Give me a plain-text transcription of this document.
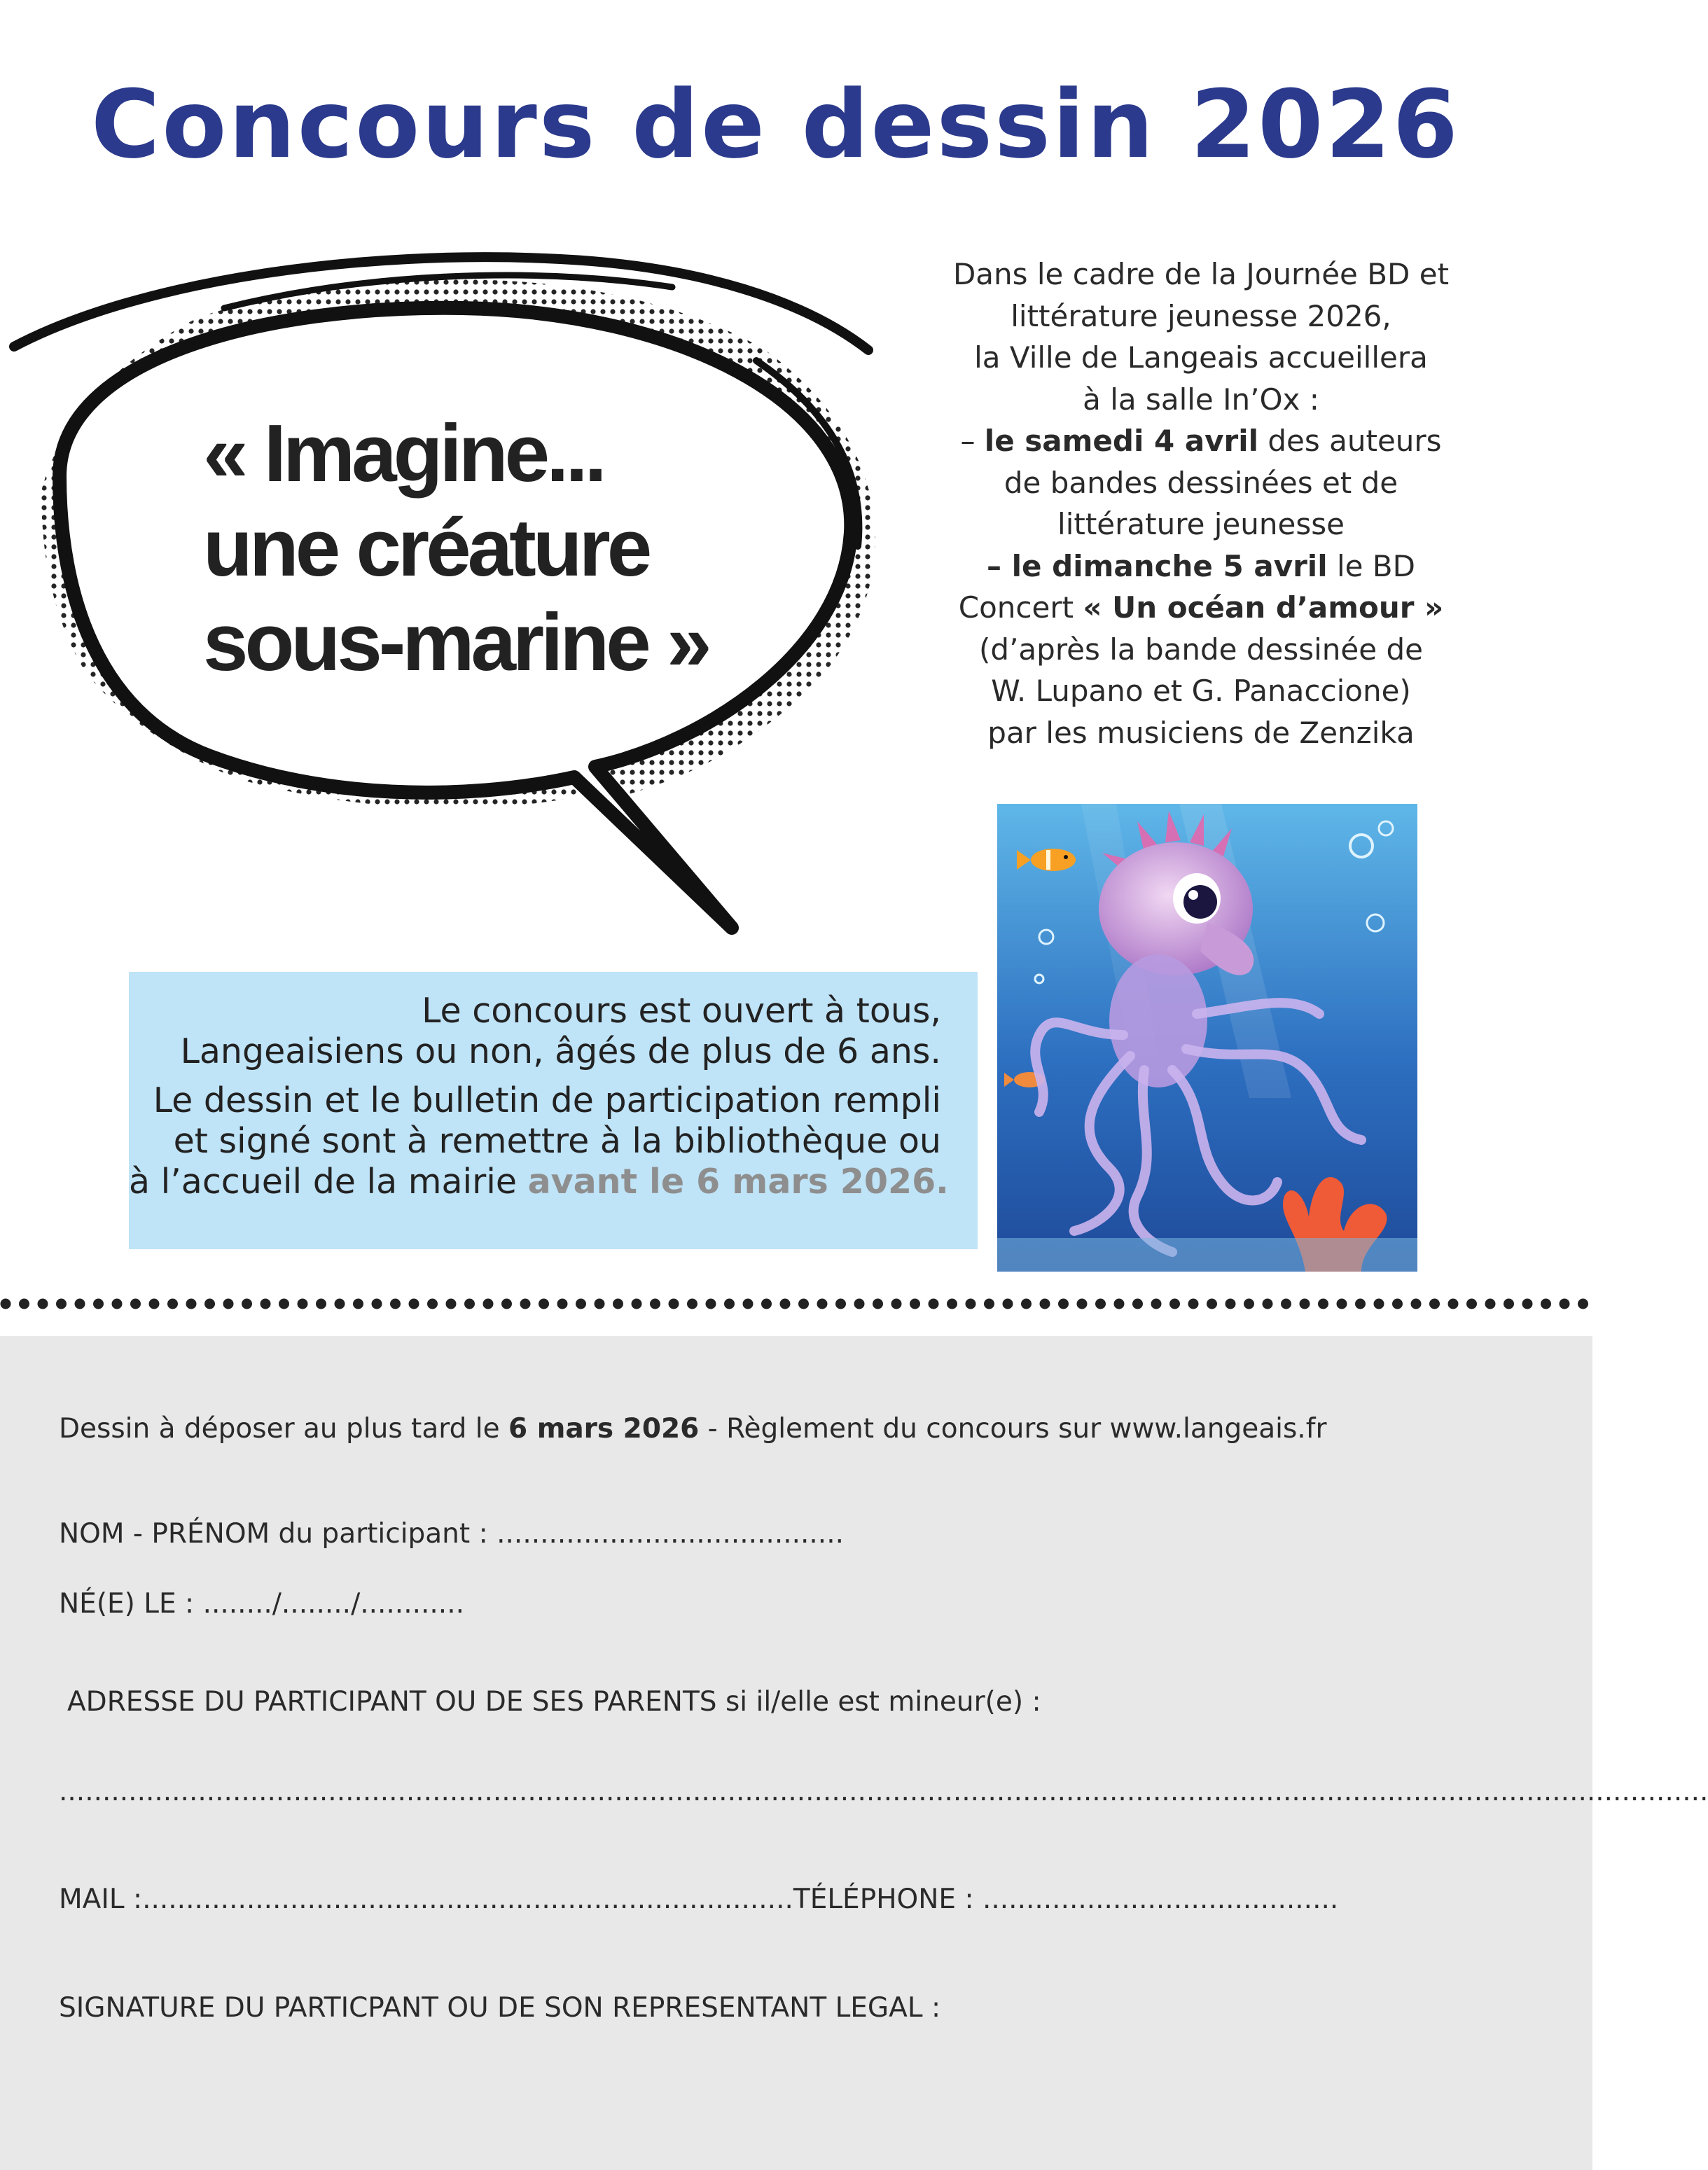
Concours de dessin 2026
« Imagine...
une créature
sous-marine »
Dans le cadre de la Journée BD et
littérature jeunesse 2026,
la Ville de Langeais accueillera
à la salle In’Ox :
– le samedi 4 avril des auteurs
de bandes dessinées et de
littérature jeunesse
– le dimanche 5 avril le BD
Concert « Un océan d’amour »
(d’après la bande dessinée de
W. Lupano et G. Panaccione)
par les musiciens de Zenzika
Le concours est ouvert à tous,
Langeaisiens ou non, âgés de plus de 6 ans.
Le dessin et le bulletin de participation rempli
et signé sont à remettre à la bibliothèque ou
à l’accueil de la mairie avant le 6 mars 2026.
Dessin à déposer au plus tard le 6 mars 2026 - Règlement du concours sur www.langeais.fr
NOM - PRÉNOM du participant : ........................................
NÉ(E) LE : ......../......../............
ADRESSE DU PARTICIPANT OU DE SES PARENTS si il/elle est mineur(e) :
..............................................................................................................................................................................................
MAIL :...........................................................................TÉLÉPHONE : .........................................
SIGNATURE DU PARTICPANT OU DE SON REPRESENTANT LEGAL :
